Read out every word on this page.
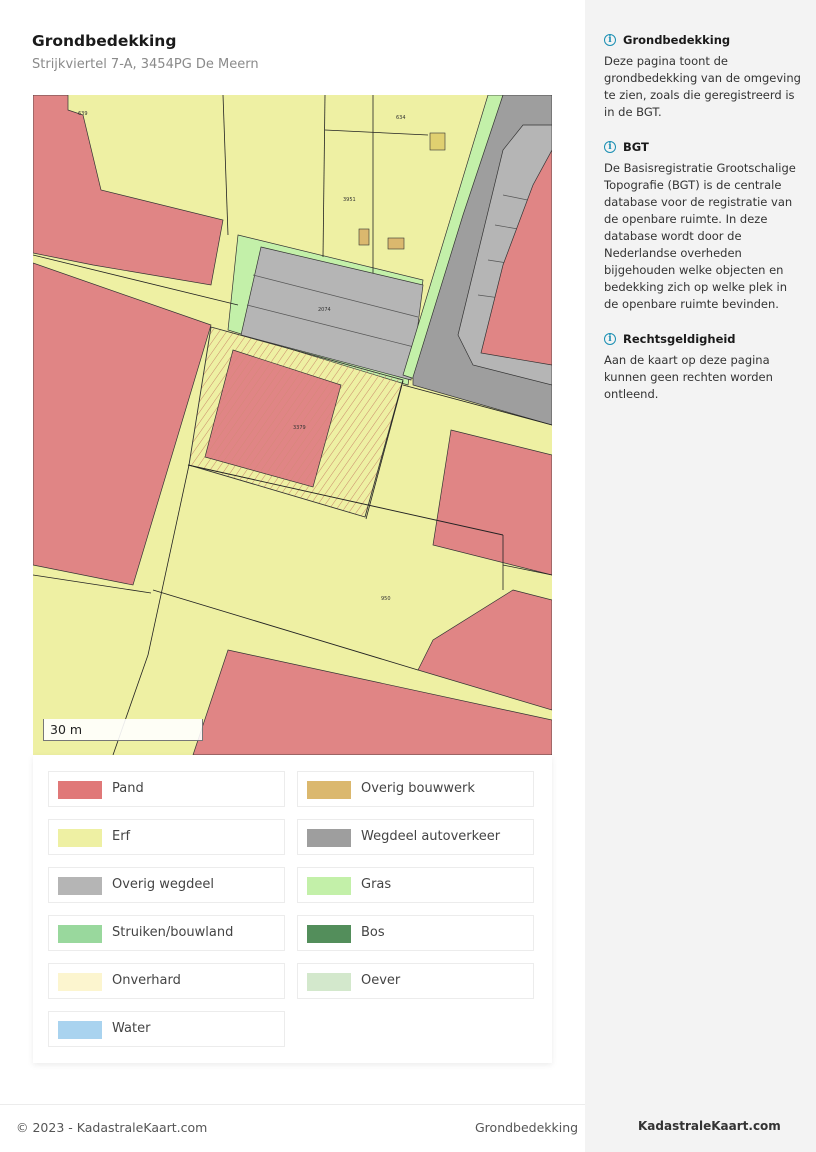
Grondbedekking
Strijkviertel 7-A, 3454PG De Meern
3379
2074
950
3951
634
639
30 m
Pand	Overig bouwwerk
Erf	Wegdeel autoverkeer
Overig wegdeel	Gras
Struiken/bouwland	Bos
Onverhard	Oever
Water
© 2023 - KadastraleKaart.com	Grondbedekking
i Grondbedekking
Deze pagina toont de grondbedekking van de omgeving te zien, zoals die geregistreerd is in de BGT.
i BGT
De Basisregistratie Grootschalige Topografie (BGT) is de centrale database voor de registratie van de openbare ruimte. In deze database wordt door de Nederlandse overheden bijgehouden welke objecten en bedekking zich op welke plek in de openbare ruimte bevinden.
i Rechtsgeldigheid
Aan de kaart op deze pagina kunnen geen rechten worden ontleend.
KadastraleKaart.com
